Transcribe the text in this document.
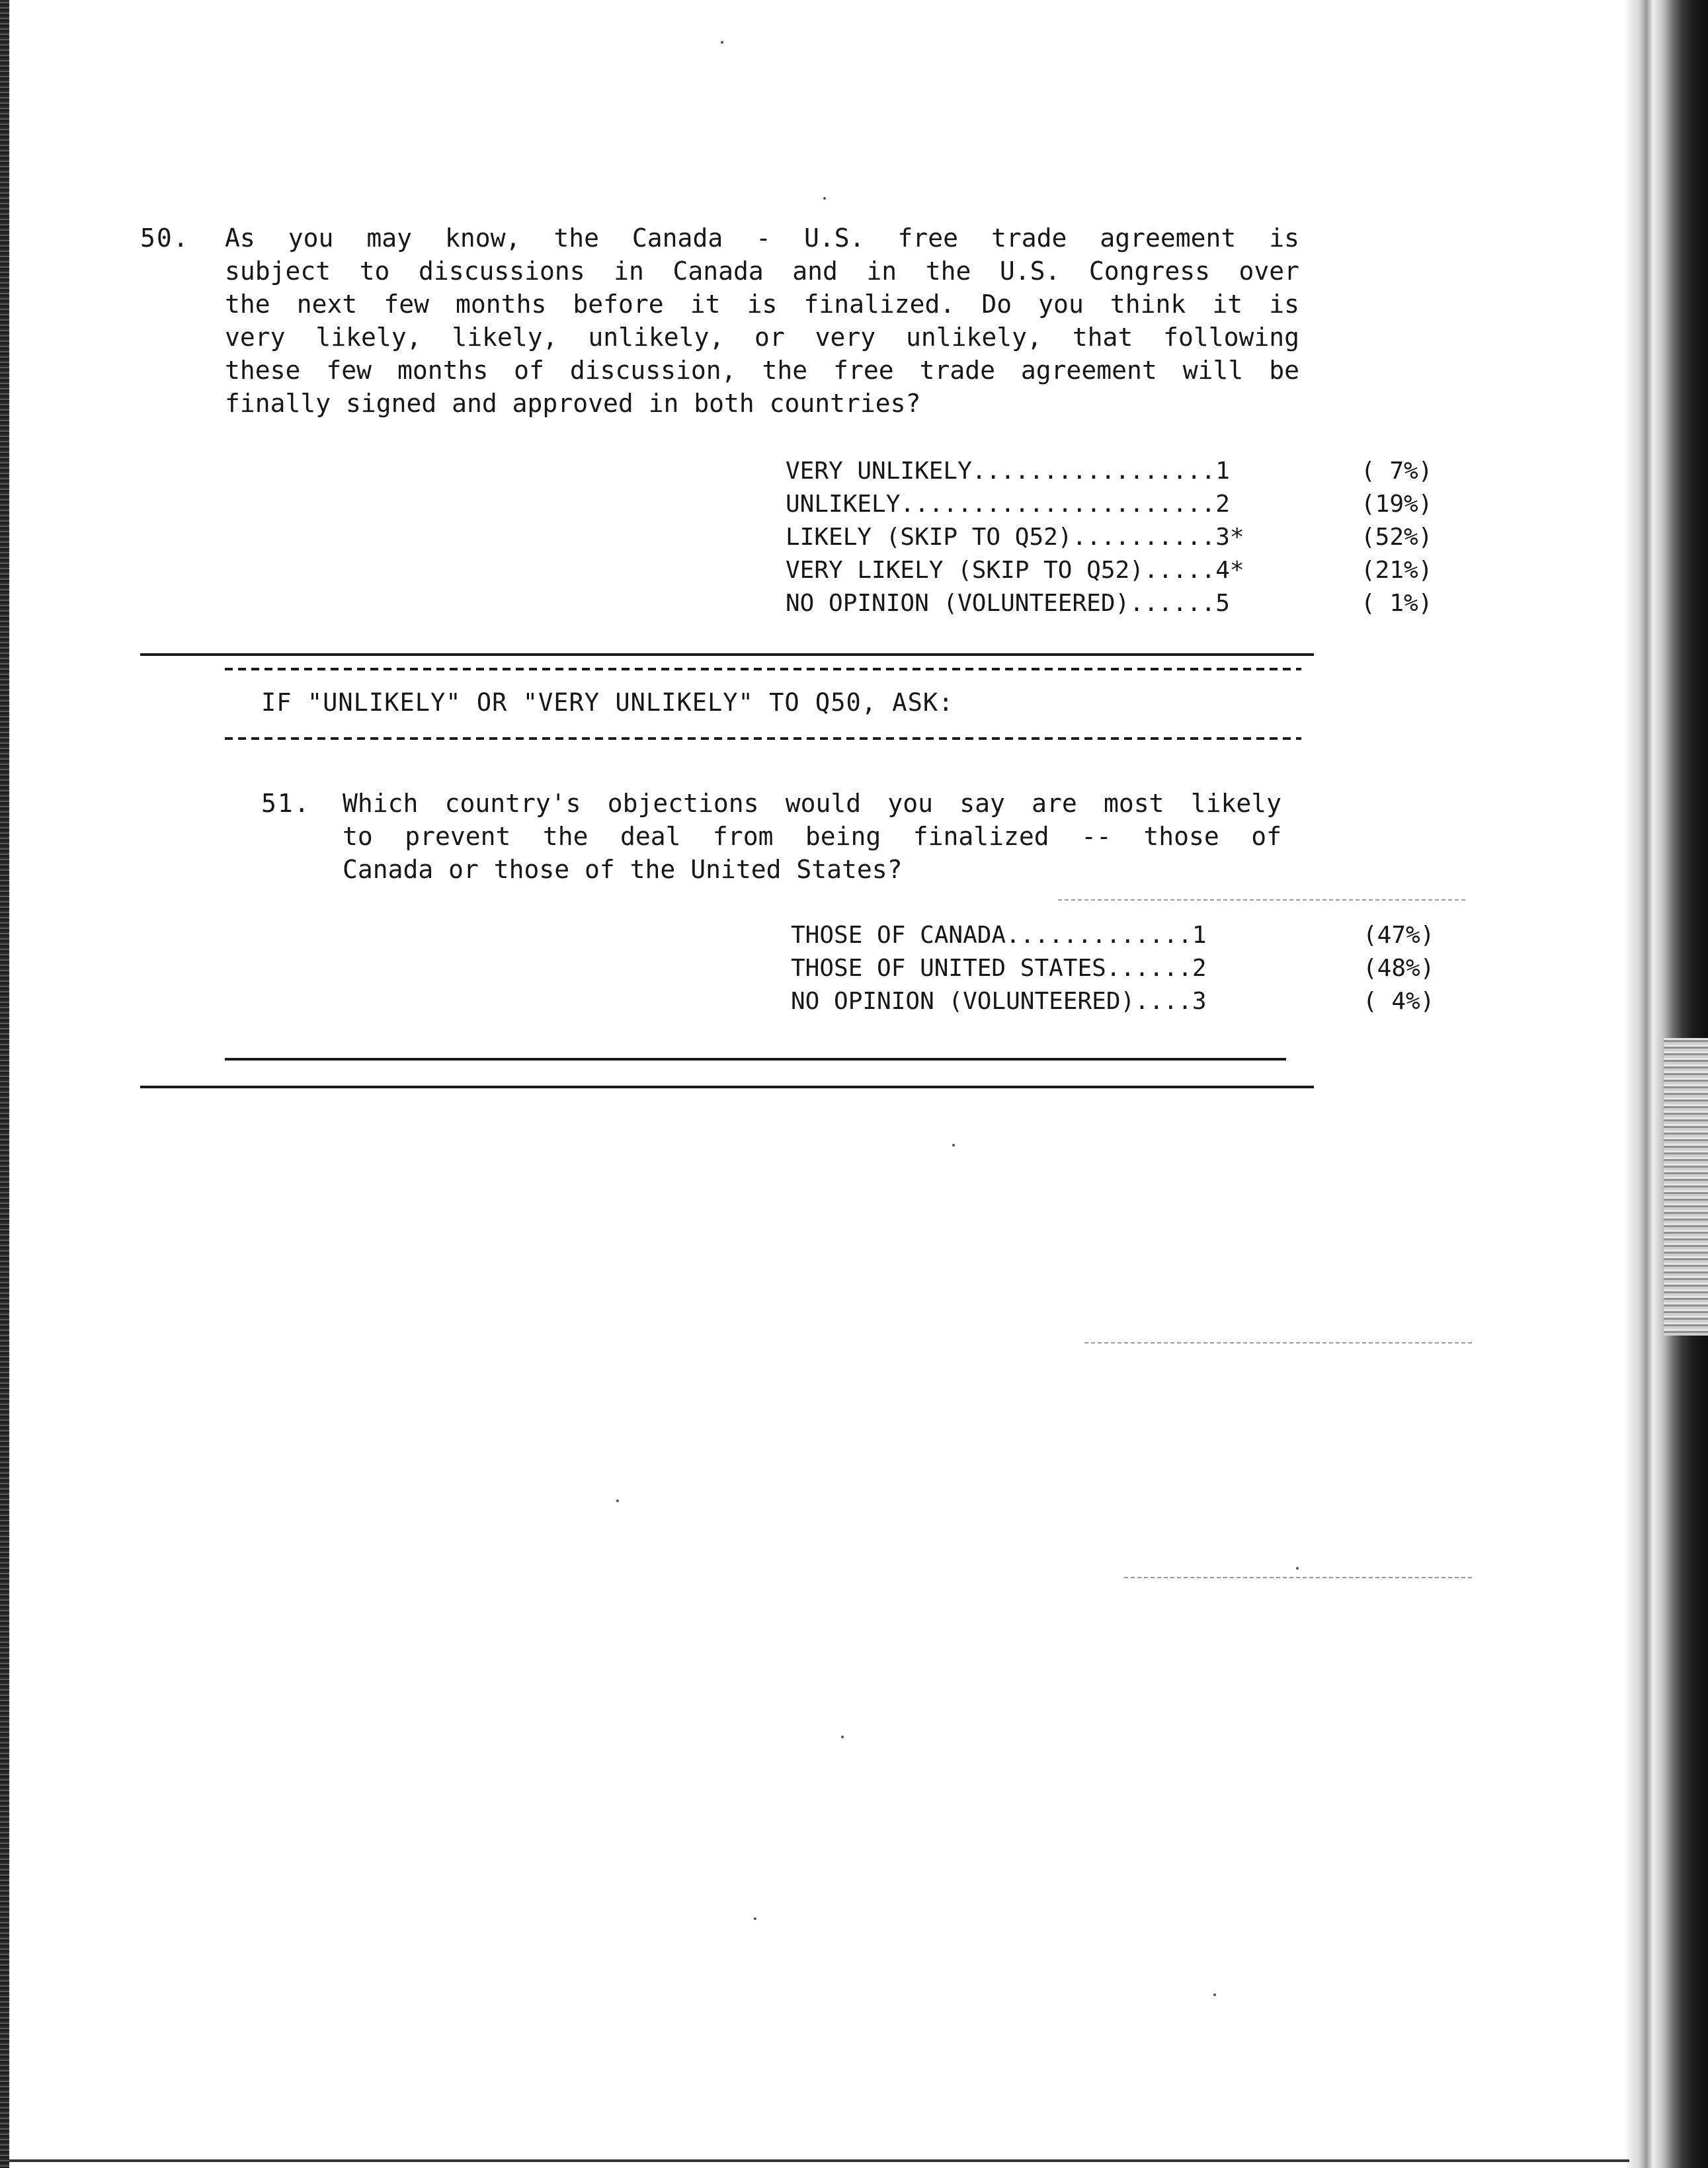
50. As you may know, the Canada - U.S. free trade agreement is
subject to discussions in Canada and in the U.S. Congress over
the next few months before it is finalized. Do you think it is
very likely, likely, unlikely, or very unlikely, that following
these few months of discussion, the free trade agreement will be
finally signed and approved in both countries?
VERY UNLIKELY.................1	( 7%)
UNLIKELY......................2	(19%)
LIKELY (SKIP TO Q52)..........3*	(52%)
VERY LIKELY (SKIP TO Q52).....4*	(21%)
NO OPINION (VOLUNTEERED)......5	( 1%)
IF "UNLIKELY" OR "VERY UNLIKELY" TO Q50, ASK:
51. Which country's objections would you say are most likely
to prevent the deal from being finalized -- those of
Canada or those of the United States?
THOSE OF CANADA.............1	(47%)
THOSE OF UNITED STATES......2	(48%)
NO OPINION (VOLUNTEERED)....3	( 4%)
